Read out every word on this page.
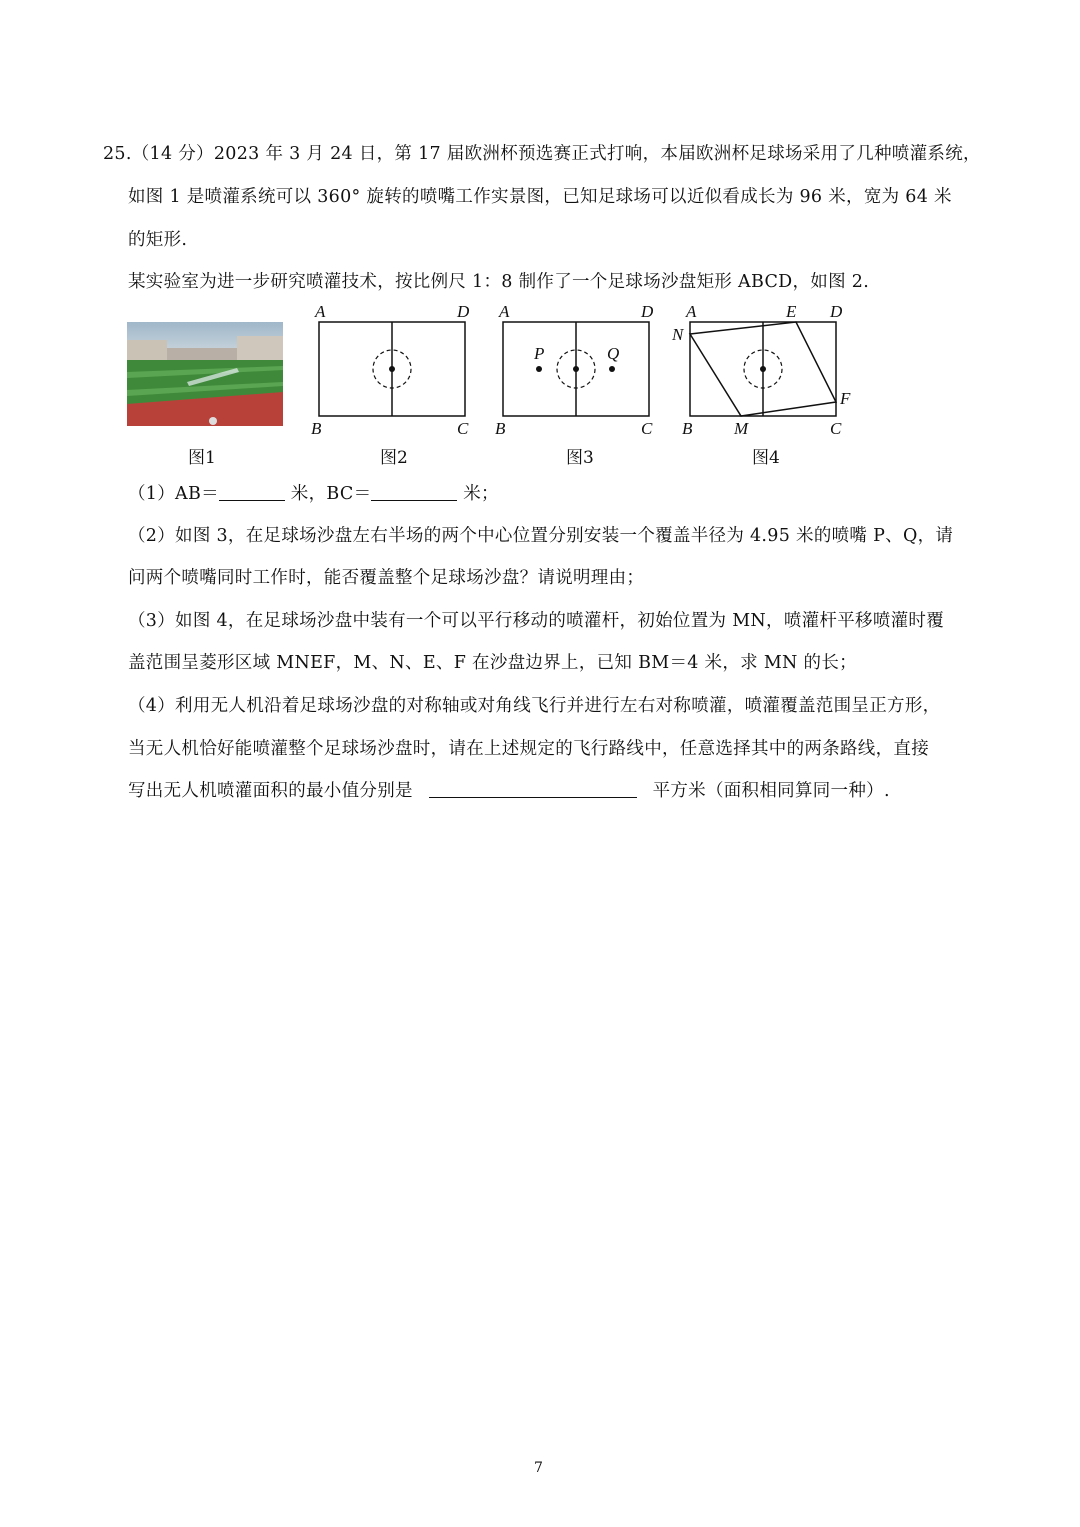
25.（14 分）2023 年 3 月 24 日，第 17 届欧洲杯预选赛正式打响，本届欧洲杯足球场采用了几种喷灌系统，
如图 1 是喷灌系统可以 360° 旋转的喷嘴工作实景图，已知足球场可以近似看成长为 96 米，宽为 64 米
的矩形.
某实验室为进一步研究喷灌技术，按比例尺 1：8 制作了一个足球场沙盘矩形 ABCD，如图 2.
A	D
B	C
P	Q
A	D
B	C
A	E D
N
F
B M	C
图1	图2	图3	图4
（1）AB＝	米，BC＝	米；
（2）如图 3，在足球场沙盘左右半场的两个中心位置分别安装一个覆盖半径为 4.95 米的喷嘴 P、Q，请
问两个喷嘴同时工作时，能否覆盖整个足球场沙盘？请说明理由；
（3）如图 4，在足球场沙盘中装有一个可以平行移动的喷灌杆，初始位置为 MN，喷灌杆平移喷灌时覆
盖范围呈菱形区域 MNEF，M、N、E、F 在沙盘边界上，已知 BM＝4 米，求 MN 的长；
（4）利用无人机沿着足球场沙盘的对称轴或对角线飞行并进行左右对称喷灌，喷灌覆盖范围呈正方形，
当无人机恰好能喷灌整个足球场沙盘时，请在上述规定的飞行路线中，任意选择其中的两条路线，直接
写出无人机喷灌面积的最小值分别是	平方米（面积相同算同一种）.
7
